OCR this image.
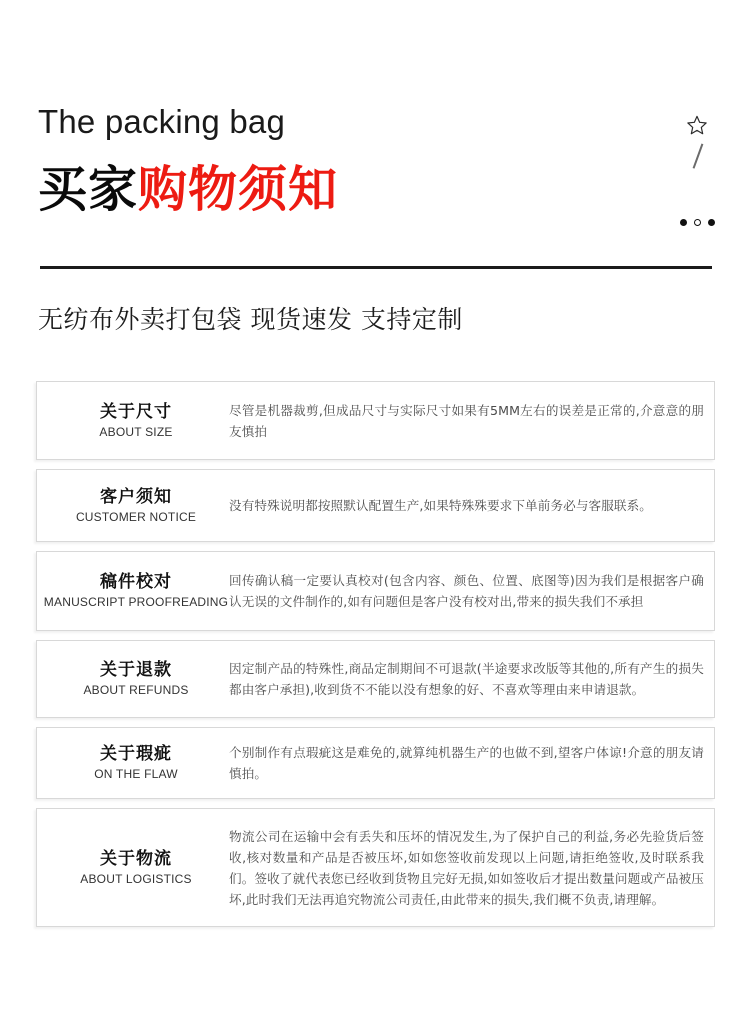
The packing bag
买家购物须知
无纺布外卖打包袋 现货速发 支持定制
关于尺寸
ABOUT SIZE
尽管是机器裁剪,但成品尺寸与实际尺寸如果有5MM左右的误差是正常的,介意意的朋友慎拍
客户须知
CUSTOMER NOTICE
没有特殊说明都按照默认配置生产,如果特殊殊要求下单前务必与客服联系。
稿件校对
MANUSCRIPT PROOFREADING
回传确认稿一定要认真校对(包含内容、颜色、位置、底图等)因为我们是根据客户确认无误的文件制作的,如有问题但是客户没有校对出,带来的损失我们不承担
关于退款
ABOUT REFUNDS
因定制产品的特殊性,商品定制期间不可退款(半途要求改版等其他的,所有产生的损失都由客户承担),收到货不不能以没有想象的好、不喜欢等理由来申请退款。
关于瑕疵
ON THE FLAW
个别制作有点瑕疵这是难免的,就算纯机器生产的也做不到,望客户体谅!介意的朋友请慎拍。
关于物流
ABOUT LOGISTICS
物流公司在运输中会有丢失和压坏的情况发生,为了保护自己的利益,务必先验货后签收,核对数量和产品是否被压坏,如如您签收前发现以上问题,请拒绝签收,及时联系我们。签收了就代表您已经收到货物且完好无损,如如签收后才提出数量问题或产品被压坏,此时我们无法再追究物流公司责任,由此带来的损失,我们概不负责,请理解。
